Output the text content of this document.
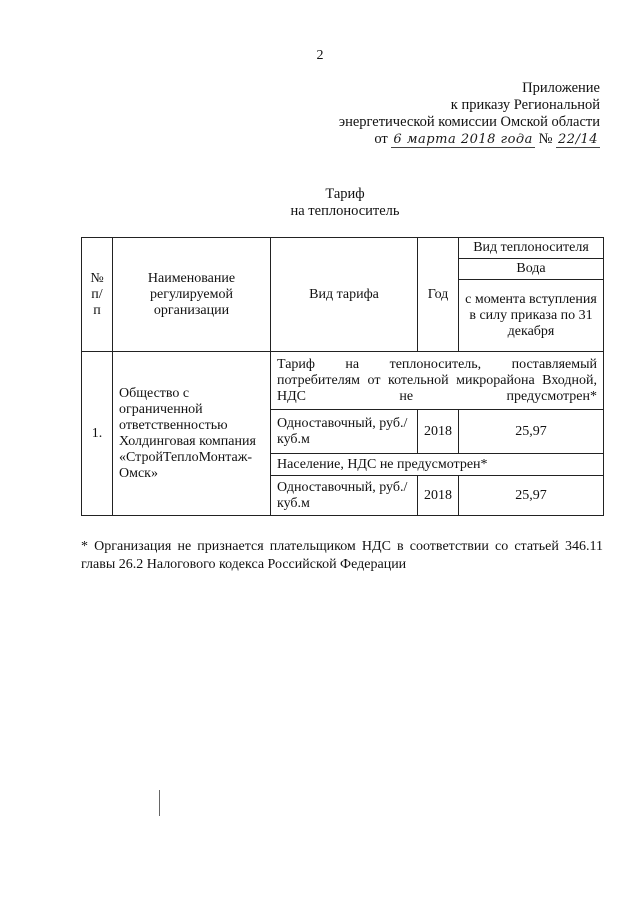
2
Приложение
к приказу Региональной
энергетической комиссии Омской области
от 6 марта 2018 года № 22/14
Тариф
на теплоноситель
№ п/п	Наименование регулируемой организации	Вид тарифа	Год	Вид теплоносителя
				Вода
				с момента вступления в силу приказа по 31 декабря
1.	Общество с ограниченной ответственностью Холдинговая компания «СтройТеплоМонтаж-Омск»	Тариф на теплоноситель, поставляемый потребителям от котельной микрорайона Входной, НДС не предусмотрен*		
		Одноставочный, руб./куб.м	2018	25,97
		Население, НДС не предусмотрен*		
		Одноставочный, руб./куб.м	2018	25,97
* Организация не признается плательщиком НДС в соответствии со статьей 346.11 главы 26.2 Налогового кодекса Российской Федерации
